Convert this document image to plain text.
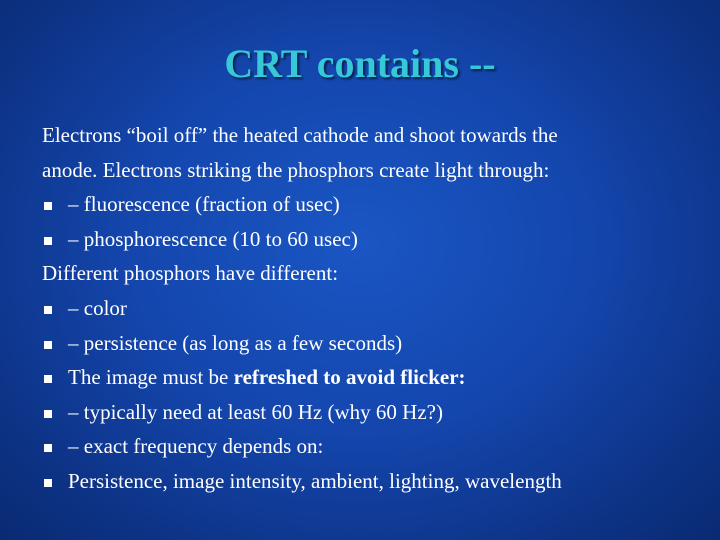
CRT contains --
Electrons “boil off” the heated cathode and shoot towards the
anode. Electrons striking the phosphors create light through:
– fluorescence (fraction of usec)
– phosphorescence (10 to 60 usec)
Different phosphors have different:
– color
– persistence (as long as a few seconds)
The image must be refreshed to avoid flicker:
– typically need at least 60 Hz (why 60 Hz?)
– exact frequency depends on:
Persistence, image intensity, ambient, lighting, wavelength
